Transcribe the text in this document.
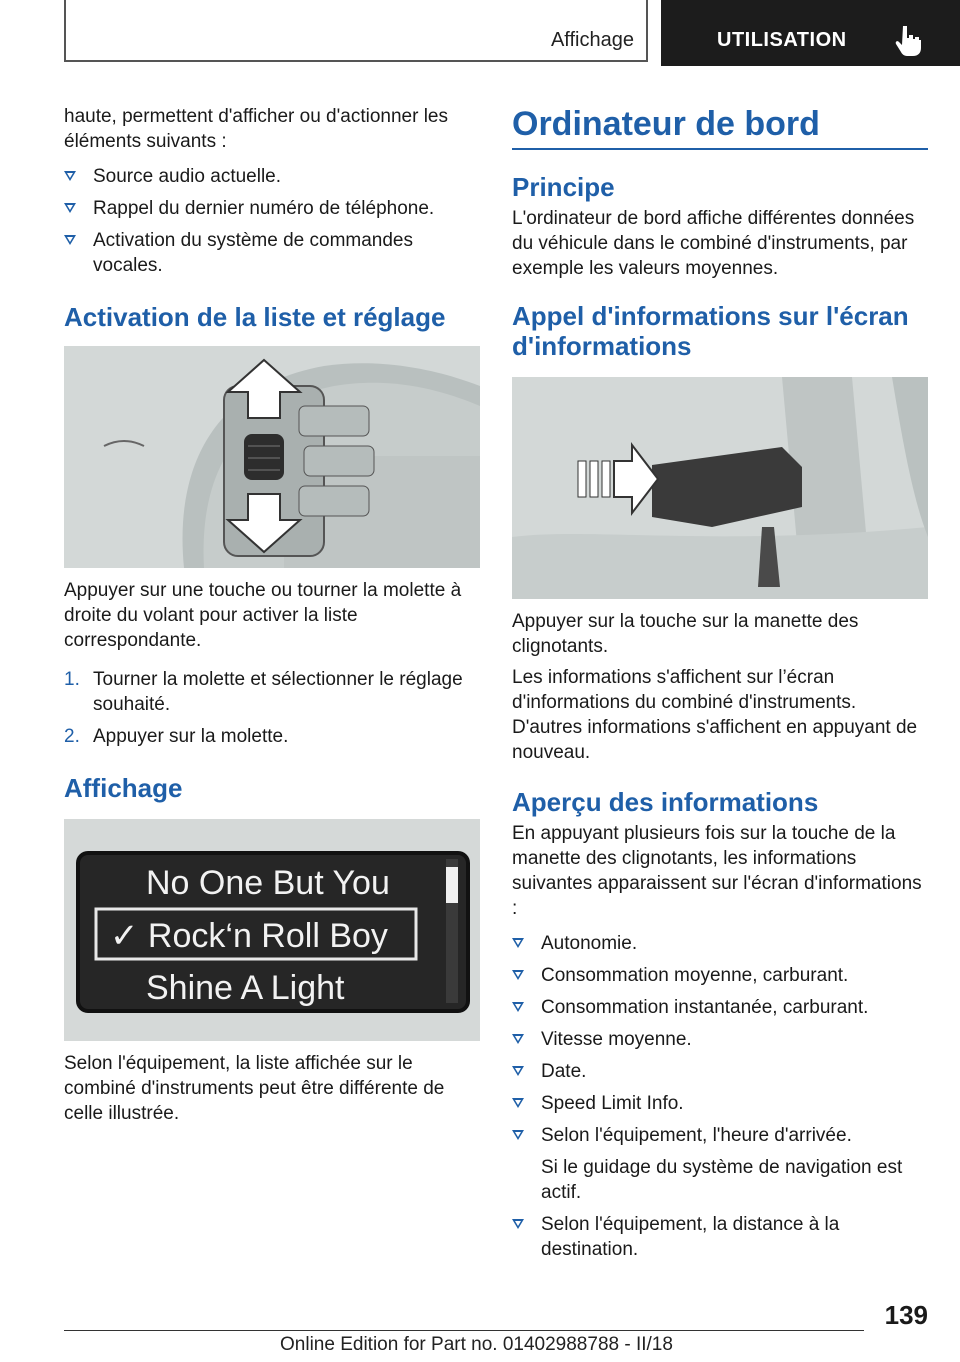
Affichage	UTILISATION

haute, permettent d'afficher ou d'actionner les éléments suivants :

Source audio actuelle.
Rappel du dernier numéro de téléphone.
Activation du système de commandes vocales.
Activation de la liste et réglage

Appuyer sur une touche ou tourner la molette à droite du volant pour activer la liste correspondante.

1. Tourner la molette et sélectionner le réglage souhaité.
2. Appuyer sur la molette.
Affichage
No One But You
✓ Rock‘n Roll Boy
Shine A Light

Selon l'équipement, la liste affichée sur le combiné d'instruments peut être différente de celle illustrée.

Ordinateur de bord
Principe

L'ordinateur de bord affiche différentes données du véhicule dans le combiné d'instruments, par exemple les valeurs moyennes.

Appel d'informations sur l'écran d'informations

Appuyer sur la touche sur la manette des clignotants.

Les informations s'affichent sur l’écran d'informations du combiné d'instruments. D'autres informations s'affichent en appuyant de nouveau.

Aperçu des informations

En appuyant plusieurs fois sur la touche de la manette des clignotants, les informations suivantes apparaissent sur l'écran d'informations :

Autonomie.
Consommation moyenne, carburant.
Consommation instantanée, carburant.
Vitesse moyenne.
Date.
Speed Limit Info.
Selon l'équipement, l'heure d'arrivée.

Si le guidage du système de navigation est actif.

Selon l'équipement, la distance à la destination.
139
Online Edition for Part no. 01402988788 - II/18
